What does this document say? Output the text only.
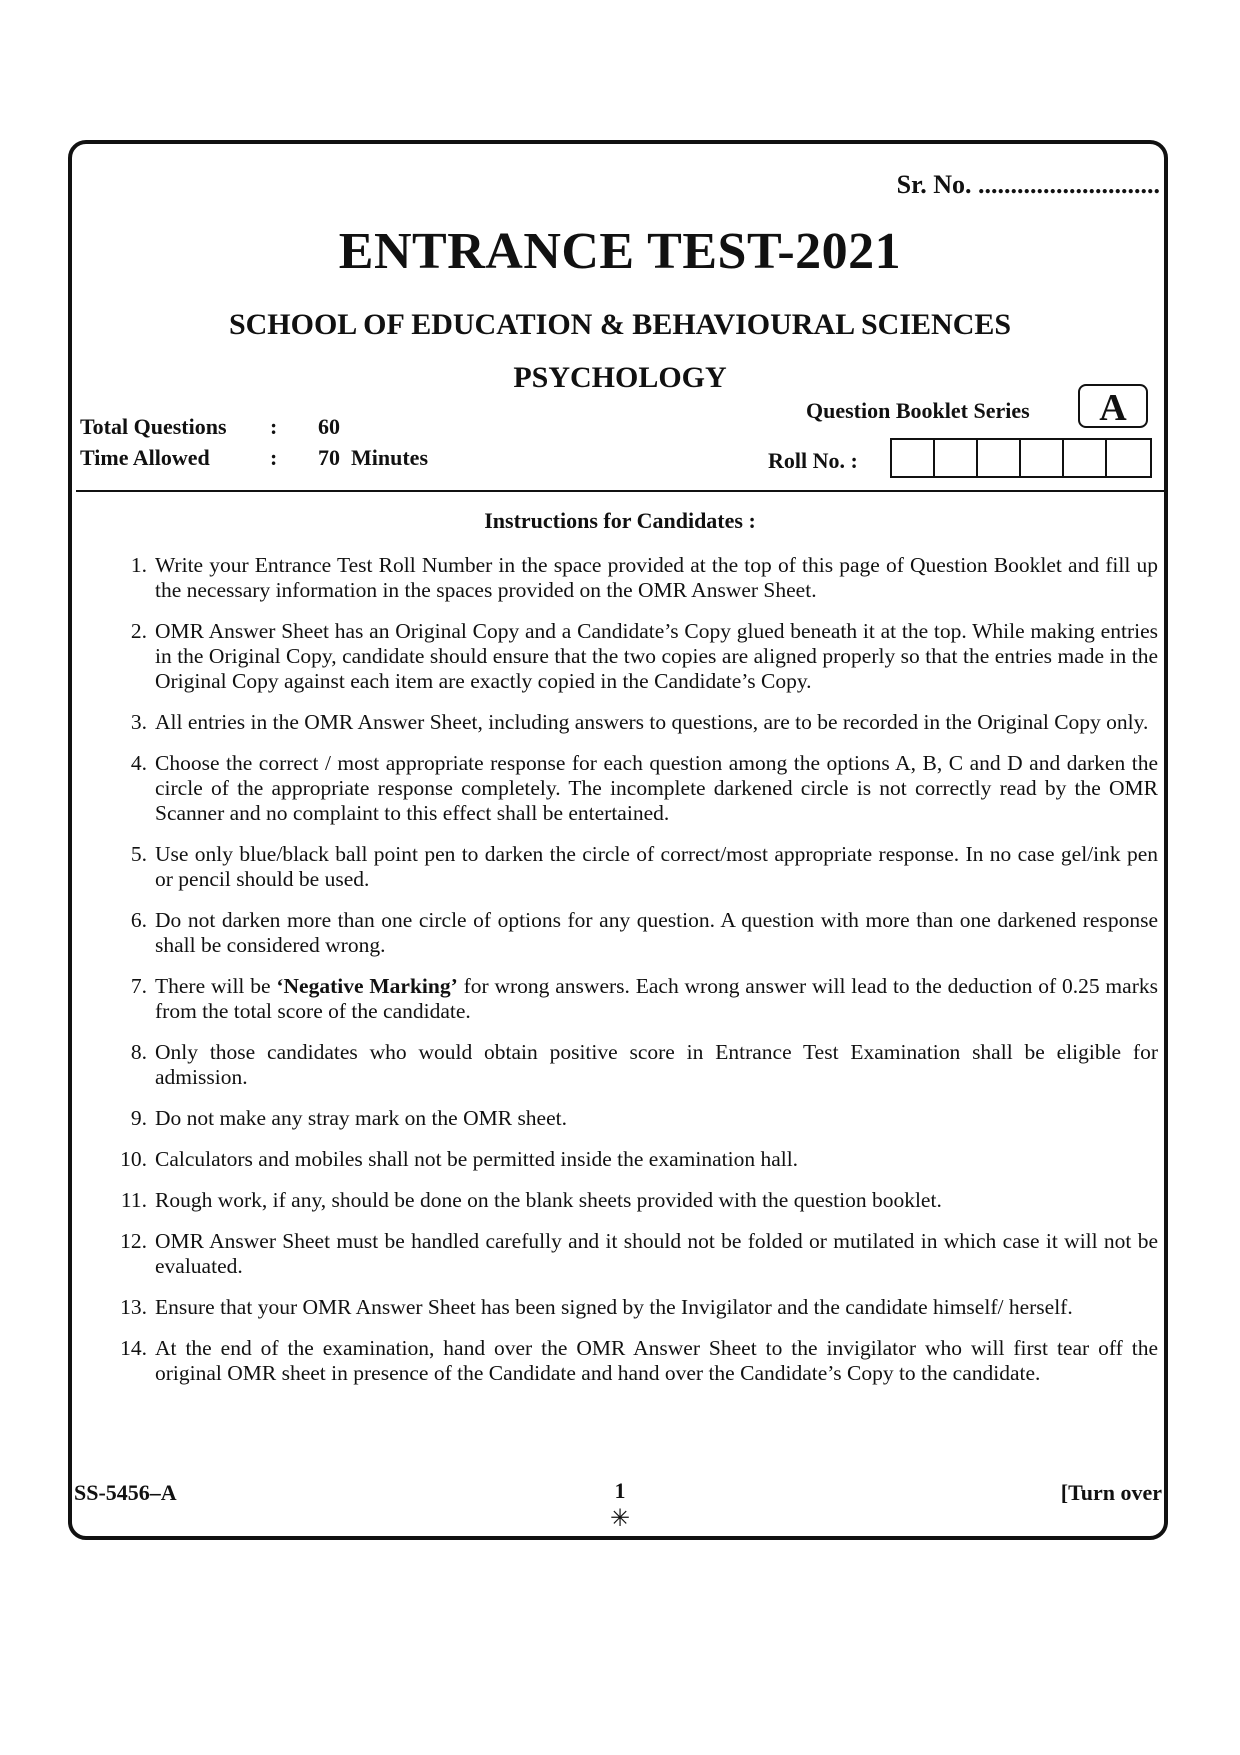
Sr. No. ............................
ENTRANCE TEST-2021
SCHOOL OF EDUCATION & BEHAVIOURAL SCIENCES
PSYCHOLOGY
Total Questions : 60
Time Allowed	: 70  Minutes
Question Booklet Series	A
Roll No. :
Instructions for Candidates :
1. Write your Entrance Test Roll Number in the space provided at the top of this page of Question Booklet and fill up the necessary information in the spaces provided on the OMR Answer Sheet.
2. OMR Answer Sheet has an Original Copy and a Candidate’s Copy glued beneath it at the top. While making entries in the Original Copy, candidate should ensure that the two copies are aligned properly so that the entries made in the Original Copy against each item are exactly copied in the Candidate’s Copy.
3. All entries in the OMR Answer Sheet, including answers to questions, are to be recorded in the Original Copy only.
4. Choose the correct / most appropriate response for each question among the options A, B, C and D and darken the circle of the appropriate response completely. The incomplete darkened circle is not correctly read by the OMR Scanner and no complaint to this effect shall be entertained.
5. Use only blue/black ball point pen to darken the circle of correct/most appropriate response. In no case gel/ink pen or pencil should be used.
6. Do not darken more than one circle of options for any question. A question with more than one darkened response shall be considered wrong.
7. There will be ‘Negative Marking’ for wrong answers. Each wrong answer will lead to the deduction of 0.25 marks from the total score of the candidate.
8. Only those candidates who would obtain positive score in Entrance Test Examination shall be eligible for admission.
9. Do not make any stray mark on the OMR sheet.
10. Calculators and mobiles shall not be permitted inside the examination hall.
11. Rough work, if any, should be done on the blank sheets provided with the question booklet.
12. OMR Answer Sheet must be handled carefully and it should not be folded or mutilated in which case it will not be evaluated.
13. Ensure that your OMR Answer Sheet has been signed by the Invigilator and the candidate himself/ herself.
14. At the end of the examination, hand over the OMR Answer Sheet to the invigilator who will first tear off the original OMR sheet in presence of the Candidate and hand over the Candidate’s Copy to the candidate.
SS-5456–A	1
✳
[Turn over
